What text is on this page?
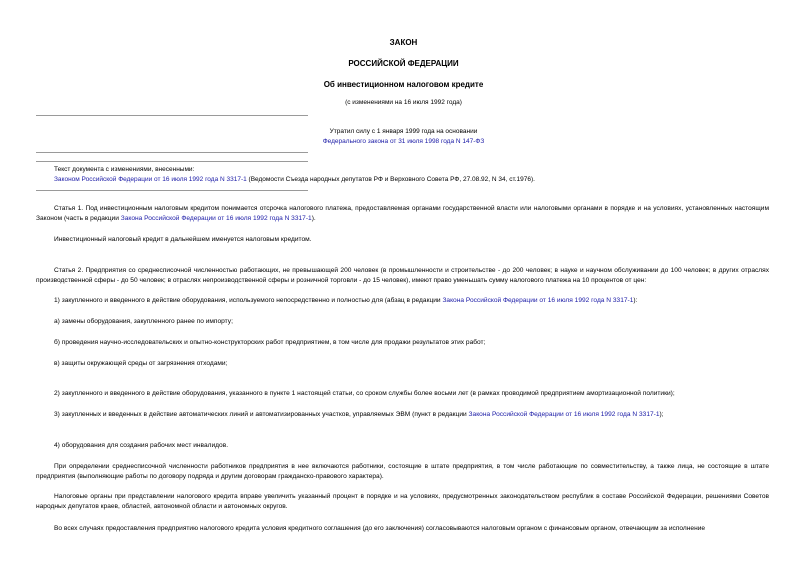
ЗАКОН
РОССИЙСКОЙ ФЕДЕРАЦИИ
Об инвестиционном налоговом кредите
(с изменениями на 16 июля 1992 года)
Утратил силу с 1 января 1999 года на основании
Федерального закона от 31 июля 1998 года N 147-ФЗ
Текст документа с изменениями, внесенными:
Законом Российской Федерации от 16 июля 1992 года N 3317-1 (Ведомости Съезда народных депутатов РФ и Верховного Совета РФ, 27.08.92, N 34, ст.1976).
Статья 1. Под инвестиционным налоговым кредитом понимается отсрочка налогового платежа, предоставляемая органами государственной власти или налоговыми органами в порядке и на условиях, установленных настоящим Законом (часть в редакции Закона Российской Федерации от 16 июля 1992 года N 3317-1).
Инвестиционный налоговый кредит в дальнейшем именуется налоговым кредитом.
Статья 2. Предприятия со среднесписочной численностью работающих, не превышающей 200 человек (в промышленности и строительстве - до 200 человек; в науке и научном обслуживании до 100 человек; в других отраслях производственной сферы - до 50 человек; в отраслях непроизводственной сферы и розничной торговли - до 15 человек), имеют право уменьшать сумму налогового платежа на 10 процентов от цен:
1) закупленного и введенного в действие оборудования, используемого непосредственно и полностью для (абзац в редакции Закона Российской Федерации от 16 июля 1992 года N 3317-1):
а) замены оборудования, закупленного ранее по импорту;
б) проведения научно-исследовательских и опытно-конструкторских работ предприятием, в том числе для продажи результатов этих работ;
в) защиты окружающей среды от загрязнения отходами;
2) закупленного и введенного в действие оборудования, указанного в пункте 1 настоящей статьи, со сроком службы более восьми лет (в рамках проводимой предприятием амортизационной политики);
3) закупленных и введенных в действие автоматических линий и автоматизированных участков, управляемых ЭВМ (пункт в редакции Закона Российской Федерации от 16 июля 1992 года N 3317-1);
4) оборудования для создания рабочих мест инвалидов.
При определении среднесписочной численности работников предприятия в нее включаются работники, состоящие в штате предприятия, в том числе работающие по совместительству, а также лица, не состоящие в штате предприятия (выполняющие работы по договору подряда и другим договорам гражданско-правового характера).
Налоговые органы при представлении налогового кредита вправе увеличить указанный процент в порядке и на условиях, предусмотренных законодательством республик в составе Российской Федерации, решениями Советов народных депутатов краев, областей, автономной области и автономных округов.
Во всех случаях предоставления предприятию налогового кредита условия кредитного соглашения (до его заключения) согласовываются налоговым органом с финансовым органом, отвечающим за исполнение
